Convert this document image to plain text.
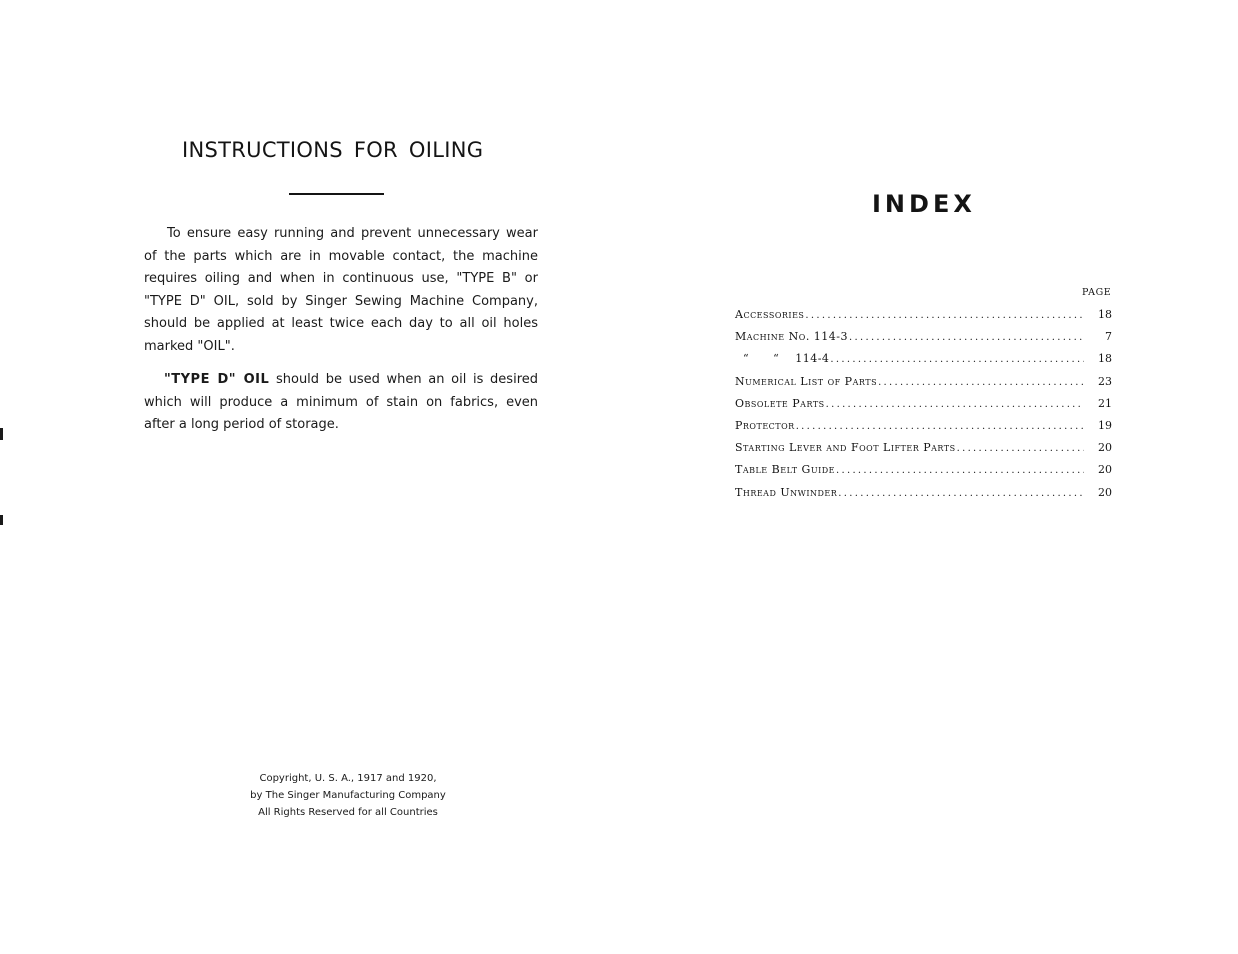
INSTRUCTIONS FOR OILING

To ensure easy running and prevent unnecessary wear of the parts which are in movable contact, the machine requires oiling and when in continuous use, "TYPE B" or "TYPE D" OIL, sold by Singer Sewing Machine Company, should be applied at least twice each day to all oil holes marked "OIL".

"TYPE D" OIL should be used when an oil is desired which will produce a minimum of stain on fabrics, even after a long period of storage.

Copyright, U. S. A., 1917 and 1920,
by The Singer Manufacturing Company
All Rights Reserved for all Countries
INDEX
PAGE
Accessories .....	18
Machine No. 114-3 .....	7
“      “    114-4 .....	18
Numerical List of Parts .....	23
Obsolete Parts .....	21
Protector .....	19
Starting Lever and Foot Lifter Parts .....	20
Table Belt Guide .....	20
Thread Unwinder .....	20
